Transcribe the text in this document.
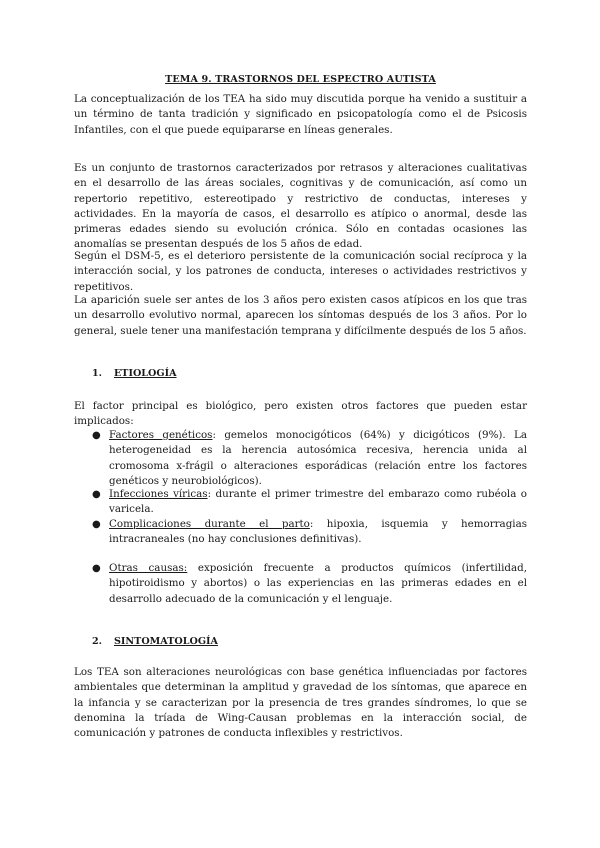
TEMA 9. TRASTORNOS DEL ESPECTRO AUTISTA

La conceptualización de los TEA ha sido muy discutida porque ha venido a sustituir a un término de tanta tradición y significado en psicopatología como el de Psicosis Infantiles, con el que puede equipararse en líneas generales.

Es un conjunto de trastornos caracterizados por retrasos y alteraciones cualitativas en el desarrollo de las áreas sociales, cognitivas y de comunicación, así como un repertorio repetitivo, estereotipado y restrictivo de conductas, intereses y actividades. En la mayoría de casos, el desarrollo es atípico o anormal, desde las primeras edades siendo su evolución crónica. Sólo en contadas ocasiones las anomalías se presentan después de los 5 años de edad.

Según el DSM-5, es el deterioro persistente de la comunicación social recíproca y la interacción social, y los patrones de conducta, intereses o actividades restrictivos y repetitivos.

La aparición suele ser antes de los 3 años pero existen casos atípicos en los que tras un desarrollo evolutivo normal, aparecen los síntomas después de los 3 años. Por lo general, suele tener una manifestación temprana y difícilmente después de los 5 años.

1. ETIOLOGÍA

El factor principal es biológico, pero existen otros factores que pueden estar implicados:

● Factores genéticos: gemelos monocigóticos (64%) y dicigóticos (9%). La heterogeneidad es la herencia autosómica recesiva, herencia unida al cromosoma x-frágil o alteraciones esporádicas (relación entre los factores genéticos y neurobiológicos).
● Infecciones víricas: durante el primer trimestre del embarazo como rubéola o varicela.
● Complicaciones durante el parto: hipoxia, isquemia y hemorragias intracraneales (no hay conclusiones definitivas).
● Otras causas: exposición frecuente a productos químicos (infertilidad, hipotiroidismo y abortos) o las experiencias en las primeras edades en el desarrollo adecuado de la comunicación y el lenguaje.
2. SINTOMATOLOGÍA

Los TEA son alteraciones neurológicas con base genética influenciadas por factores ambientales que determinan la amplitud y gravedad de los síntomas, que aparece en la infancia y se caracterizan por la presencia de tres grandes síndromes, lo que se denomina la tríada de Wing-Causan problemas en la interacción social, de comunicación y patrones de conducta inflexibles y restrictivos.
